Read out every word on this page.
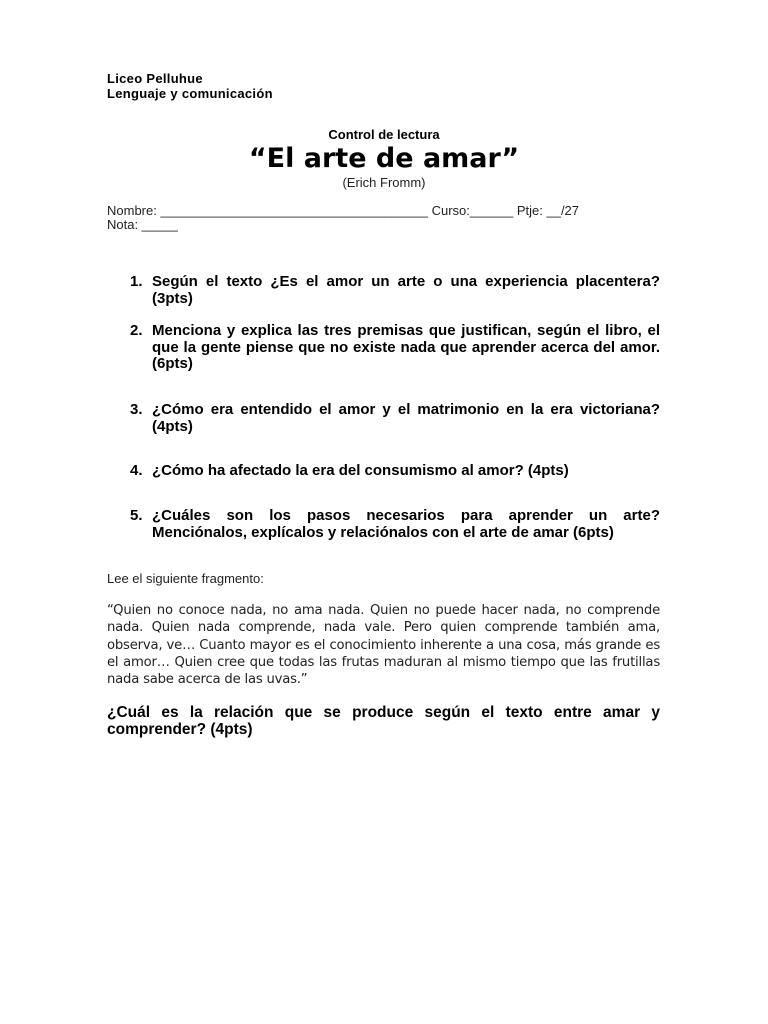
Liceo Pelluhue
Lenguaje y comunicación
Control de lectura
“El arte de amar”
(Erich Fromm)
Nombre: _____________________________________ Curso:______ Ptje: __/27
Nota: _____
1. Según el texto ¿Es el amor un arte o una experiencia placentera? (3pts)
2. Menciona y explica las tres premisas que justifican, según el libro, el que la gente piense que no existe nada que aprender acerca del amor. (6pts)
3. ¿Cómo era entendido el amor y el matrimonio en la era victoriana? (4pts)
4. ¿Cómo ha afectado la era del consumismo al amor? (4pts)
5. ¿Cuáles son los pasos necesarios para aprender un arte? Menciónalos, explícalos y relaciónalos con el arte de amar (6pts)
Lee el siguiente fragmento:
“Quien no conoce nada, no ama nada. Quien no puede hacer nada, no comprende nada. Quien nada comprende, nada vale. Pero quien comprende también ama, observa, ve… Cuanto mayor es el conocimiento inherente a una cosa, más grande es el amor… Quien cree que todas las frutas maduran al mismo tiempo que las frutillas nada sabe acerca de las uvas.”
¿Cuál es la relación que se produce según el texto entre amar y comprender? (4pts)
